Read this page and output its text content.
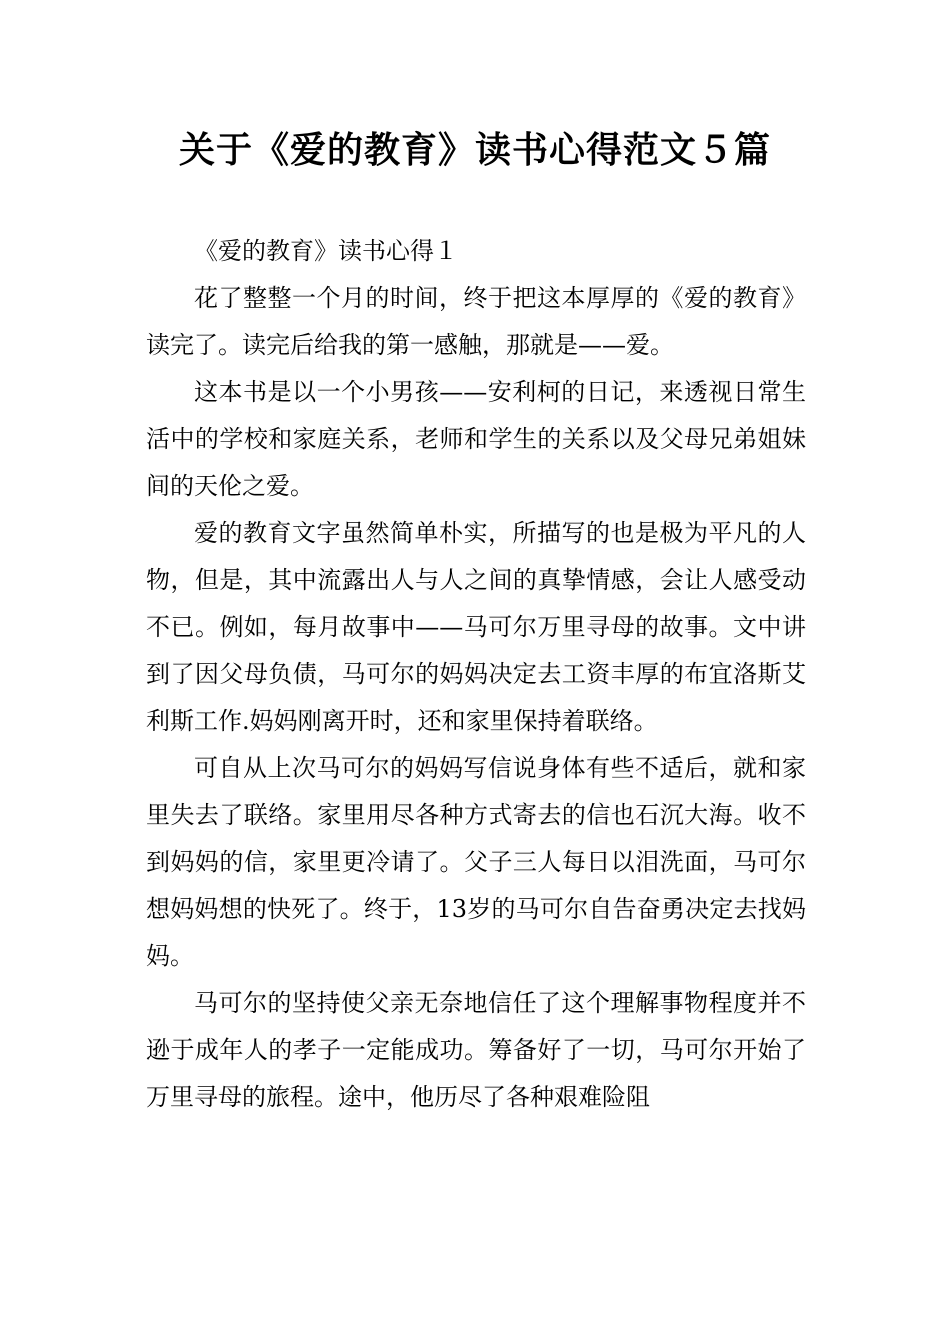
关于《爱的教育》读书心得范文５篇

《爱的教育》读书心得１

花了整整一个月的时间，终于把这本厚厚的《爱的教育》读完了。读完后给我的第一感触，那就是——爱。

这本书是以一个小男孩——安利柯的日记，来透视日常生活中的学校和家庭关系，老师和学生的关系以及父母兄弟姐妹间的天伦之爱。

爱的教育文字虽然简单朴实，所描写的也是极为平凡的人物，但是，其中流露出人与人之间的真挚情感，会让人感受动不已。例如，每月故事中——马可尔万里寻母的故事。文中讲到了因父母负债，马可尔的妈妈决定去工资丰厚的布宜洛斯艾利斯工作.妈妈刚离开时，还和家里保持着联络。

可自从上次马可尔的妈妈写信说身体有些不适后，就和家里失去了联络。家里用尽各种方式寄去的信也石沉大海。收不到妈妈的信，家里更冷请了。父子三人每日以泪洗面，马可尔想妈妈想的快死了。终于，13岁的马可尔自告奋勇决定去找妈妈。

马可尔的坚持使父亲无奈地信任了这个理解事物程度并不逊于成年人的孝子一定能成功。筹备好了一切，马可尔开始了万里寻母的旅程。途中，他历尽了各种艰难险阻
